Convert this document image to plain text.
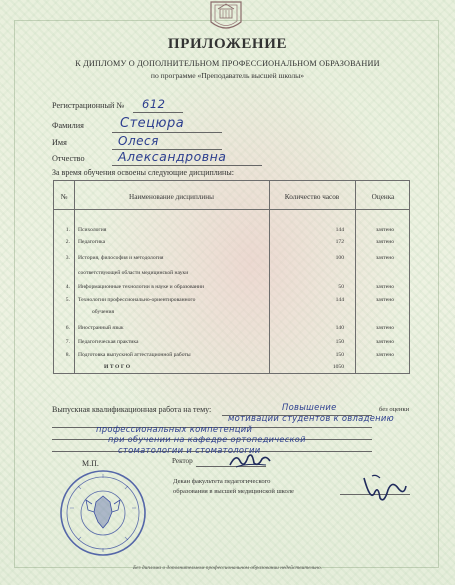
ПРИЛОЖЕНИЕ
К ДИПЛОМУ О ДОПОЛНИТЕЛЬНОМ ПРОФЕССИОНАЛЬНОМ ОБРАЗОВАНИИ
по программе «Преподаватель высшей школы»
Регистрационный № 612
Фамилия	Стецюра
Имя	Олеся
Отчество	Александровна
За время обучения освоены следующие дисциплины:
№	Наименование дисциплины	Количество часов	Оценка
1. Психология	144	зачтено
2. Педагогика	172	зачтено
3. История, философия и методология
соответствующей области медицинской науки
100	зачтено
4. Информационные технологии в науке и образовании	50	зачтено
5. Технологии профессионально-ориентированного
обучения
144	зачтено
6. Иностранный язык	140	зачтено
7. Педагогическая практика	150	зачтено
8. Подготовка выпускной аттестационной работы	150	зачтено
ИТОГО	1050
Выпускная квалификационная работа на тему:	без оценки
Повышение
мотивации студентов к овладению
профессиональных компетенций
при обучении на кафедре ортопедической
стоматологии и стоматологии
М.П.	Ректор
Декан факультета педагогического
образования в высшей медицинской школе
Без диплома о дополнительном профессиональном образовании недействительно.
